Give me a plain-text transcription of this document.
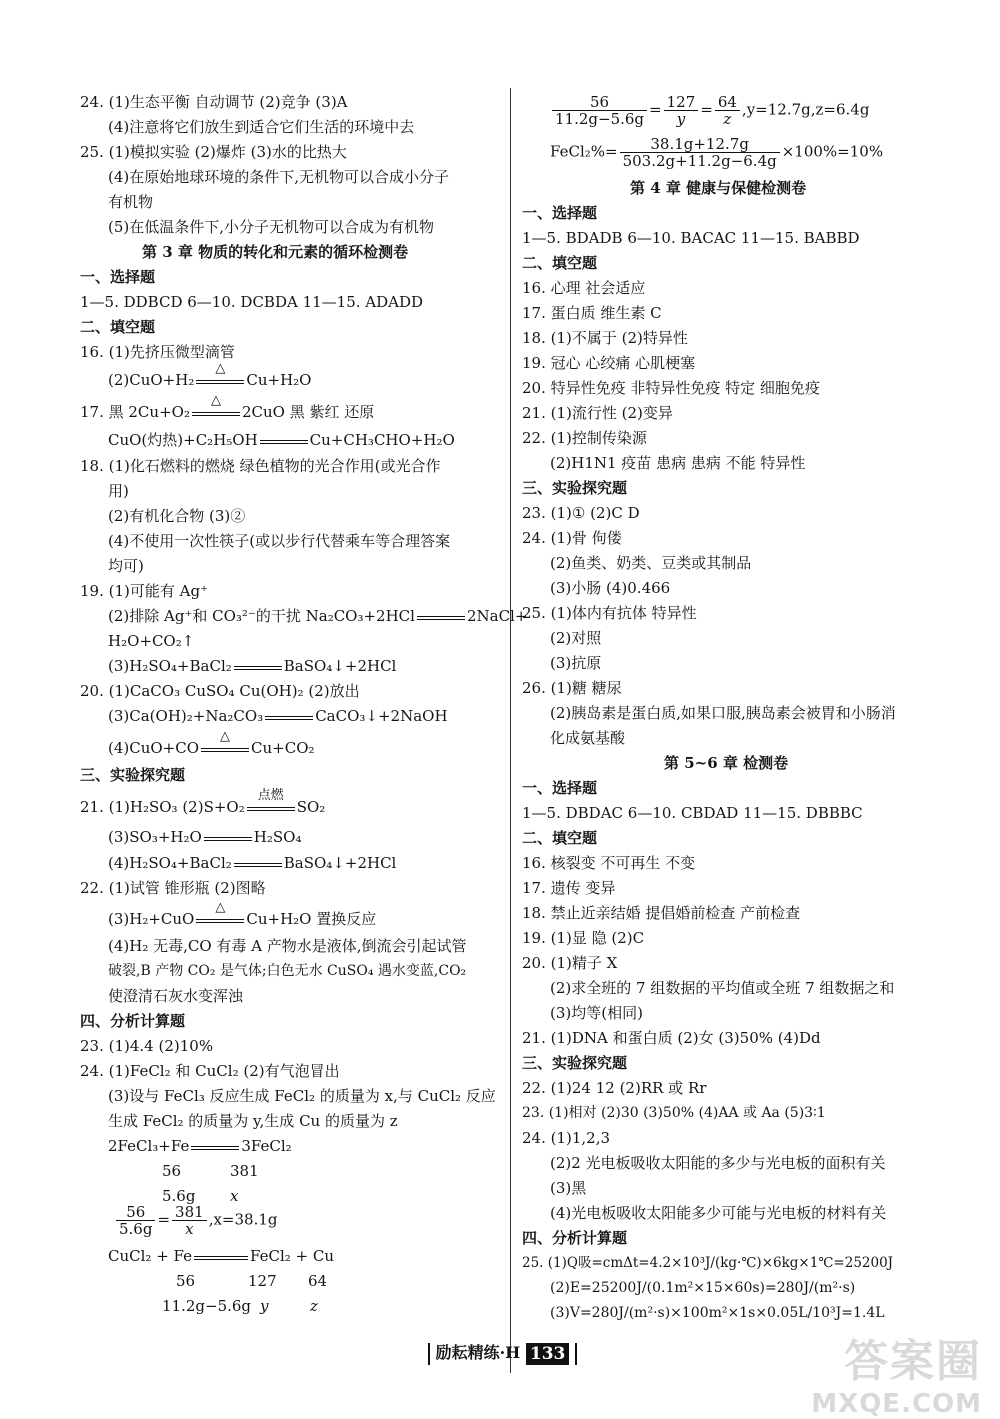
24. (1)生态平衡 自动调节 (2)竞争 (3)A
(4)注意将它们放生到适合它们生活的环境中去
25. (1)模拟实验 (2)爆炸 (3)水的比热大
(4)在原始地球环境的条件下,无机物可以合成小分子
有机物
(5)在低温条件下,小分子无机物可以合成为有机物
第 3 章 物质的转化和元素的循环检测卷
一、选择题
1—5. DDBCD 6—10. DCBDA 11—15. ADADD
二、填空题
16. (1)先挤压微型滴管
(2)CuO+H₂
△
Cu+H₂O
17. 黑 2Cu+O₂
△
2CuO 黑 紫红 还原
CuO(灼热)+C₂H₅OH	Cu+CH₃CHO+H₂O
18. (1)化石燃料的燃烧 绿色植物的光合作用(或光合作
用)
(2)有机化合物 (3)②
(4)不使用一次性筷子(或以步行代替乘车等合理答案
均可)
19. (1)可能有 Ag⁺
(2)排除 Ag⁺和 CO₃²⁻的干扰 Na₂CO₃+2HCl	2NaCl+
H₂O+CO₂↑
(3)H₂SO₄+BaCl₂	BaSO₄↓+2HCl
20. (1)CaCO₃ CuSO₄ Cu(OH)₂ (2)放出
(3)Ca(OH)₂+Na₂CO₃	CaCO₃↓+2NaOH
(4)CuO+CO
△
Cu+CO₂
三、实验探究题
21. (1)H₂SO₃ (2)S+O₂
点燃
SO₂
(3)SO₃+H₂O	H₂SO₄
(4)H₂SO₄+BaCl₂	BaSO₄↓+2HCl
22. (1)试管 锥形瓶 (2)图略
(3)H₂+CuO
△
Cu+H₂O 置换反应
(4)H₂ 无毒,CO 有毒 A 产物水是液体,倒流会引起试管
破裂,B 产物 CO₂ 是气体;白色无水 CuSO₄ 遇水变蓝,CO₂
使澄清石灰水变浑浊
四、分析计算题
23. (1)4.4 (2)10%
24. (1)FeCl₂ 和 CuCl₂ (2)有气泡冒出
(3)设与 FeCl₃ 反应生成 FeCl₂ 的质量为 x,与 CuCl₂ 反应
生成 FeCl₂ 的质量为 y,生成 Cu 的质量为 z
2FeCl₃+Fe	3FeCl₂
56	381
5.6g x
$\frac{56}{5.6g} = \frac{381}{x} ,x=38.1g$
CuCl₂ + Fe	FeCl₂ + Cu
56	127 64
11.2g−5.6g y	z
$\frac{56}{11.2g-5.6g} = \frac{127}{y} = \frac{64}{z} ,y=12.7g,z=6.4g$
FeCl₂%= $\frac{38.1g+12.7g}{503.2g+11.2g-6.4g} \times 100\%=10\%$
第 4 章 健康与保健检测卷
一、选择题
1—5. BDADB 6—10. BACAC 11—15. BABBD
二、填空题
16. 心理 社会适应
17. 蛋白质 维生素 C
18. (1)不属于 (2)特异性
19. 冠心 心绞痛 心肌梗塞
20. 特异性免疫 非特异性免疫 特定 细胞免疫
21. (1)流行性 (2)变异
22. (1)控制传染源
(2)H1N1 疫苗 患病 患病 不能 特异性
三、实验探究题
23. (1)① (2)C D
24. (1)骨 佝偻
(2)鱼类、奶类、豆类或其制品
(3)小肠 (4)0.466
25. (1)体内有抗体 特异性
(2)对照
(3)抗原
26. (1)糖 糖尿
(2)胰岛素是蛋白质,如果口服,胰岛素会被胃和小肠消
化成氨基酸
第 5~6 章 检测卷
一、选择题
1—5. DBDAC 6—10. CBDAD 11—15. DBBBC
二、填空题
16. 核裂变 不可再生 不变
17. 遗传 变异
18. 禁止近亲结婚 提倡婚前检查 产前检查
19. (1)显 隐 (2)C
20. (1)精子 X
(2)求全班的 7 组数据的平均值或全班 7 组数据之和
(3)均等(相同)
21. (1)DNA 和蛋白质 (2)女 (3)50% (4)Dd
三、实验探究题
22. (1)24 12 (2)RR 或 Rr
23. (1)相对 (2)30 (3)50% (4)AA 或 Aa (5)3∶1
24. (1)1,2,3
(2)2 光电板吸收太阳能的多少与光电板的面积有关
(3)黑
(4)光电板吸收太阳能多少可能与光电板的材料有关
四、分析计算题
25. (1)Q吸=cmΔt=4.2×10³J/(kg·℃)×6kg×1℃=25200J
(2)E=25200J/(0.1m²×15×60s)=280J/(m²·s)
(3)V=280J/(m²·s)×100m²×1s×0.05L/10³J=1.4L
励耘精练·H 133	答案圈
MXQE.COM
